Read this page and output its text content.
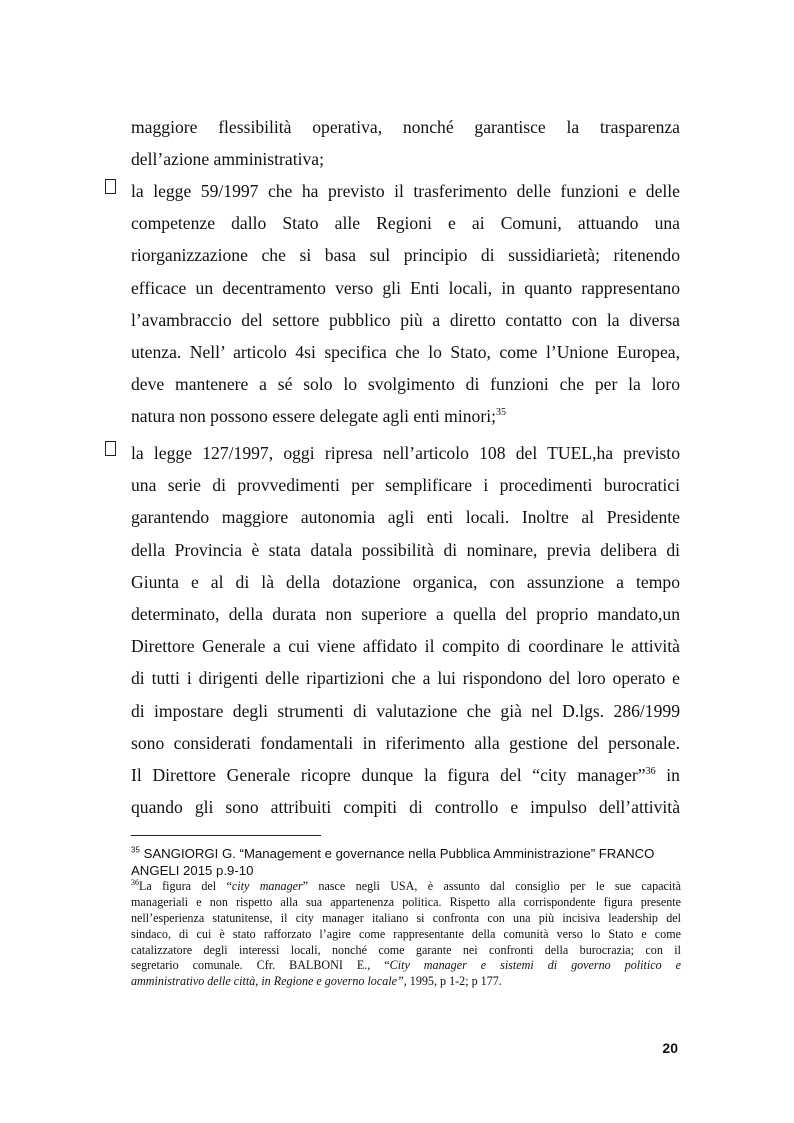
maggiore flessibilità operativa, nonché garantisce la trasparenza
dell’azione amministrativa;
la legge 59/1997 che ha previsto il trasferimento delle funzioni e delle
competenze dallo Stato alle Regioni e ai Comuni, attuando una
riorganizzazione che si basa sul principio di sussidiarietà; ritenendo
efficace un decentramento verso gli Enti locali, in quanto rappresentano
l’avambraccio del settore pubblico più a diretto contatto con la diversa
utenza. Nell’ articolo 4si specifica che lo Stato, come l’Unione Europea,
deve mantenere a sé solo lo svolgimento di funzioni che per la loro
natura non possono essere delegate agli enti minori;$^{35}$
la legge 127/1997, oggi ripresa nell’articolo 108 del TUEL,ha previsto
una serie di provvedimenti per semplificare i procedimenti burocratici
garantendo maggiore autonomia agli enti locali. Inoltre al Presidente
della Provincia è stata datala possibilità di nominare, previa delibera di
Giunta e al di là della dotazione organica, con assunzione a tempo
determinato, della durata non superiore a quella del proprio mandato,un
Direttore Generale a cui viene affidato il compito di coordinare le attività
di tutti i dirigenti delle ripartizioni che a lui rispondono del loro operato e
di impostare degli strumenti di valutazione che già nel D.lgs. 286/1999
sono considerati fondamentali in riferimento alla gestione del personale.
Il Direttore Generale ricopre dunque la figura del “city manager”$^{36}$ in
quando gli sono attribuiti compiti di controllo e impulso dell’attività
$^{35}$ SANGIORGI G. “Management e governance nella Pubblica Amministrazione” FRANCO
ANGELI 2015 p.9-10
$^{36}$La figura del “city manager” nasce negli USA, è assunto dal consiglio per le sue capacità
manageriali e non rispetto alla sua appartenenza politica. Rispetto alla corrispondente figura presente
nell’esperienza statunitense, il city manager italiano si confronta con una più incisiva leadership del
sindaco, di cui è stato rafforzato l’agire come rappresentante della comunità verso lo Stato e come
catalizzatore degli interessi locali, nonché come garante nei confronti della burocrazia; con il
segretario comunale. Cfr. BALBONI E., “City manager e sistemi di governo politico e
amministrativo delle città, in Regione e governo locale”, 1995, p 1-2; p 177.
20
